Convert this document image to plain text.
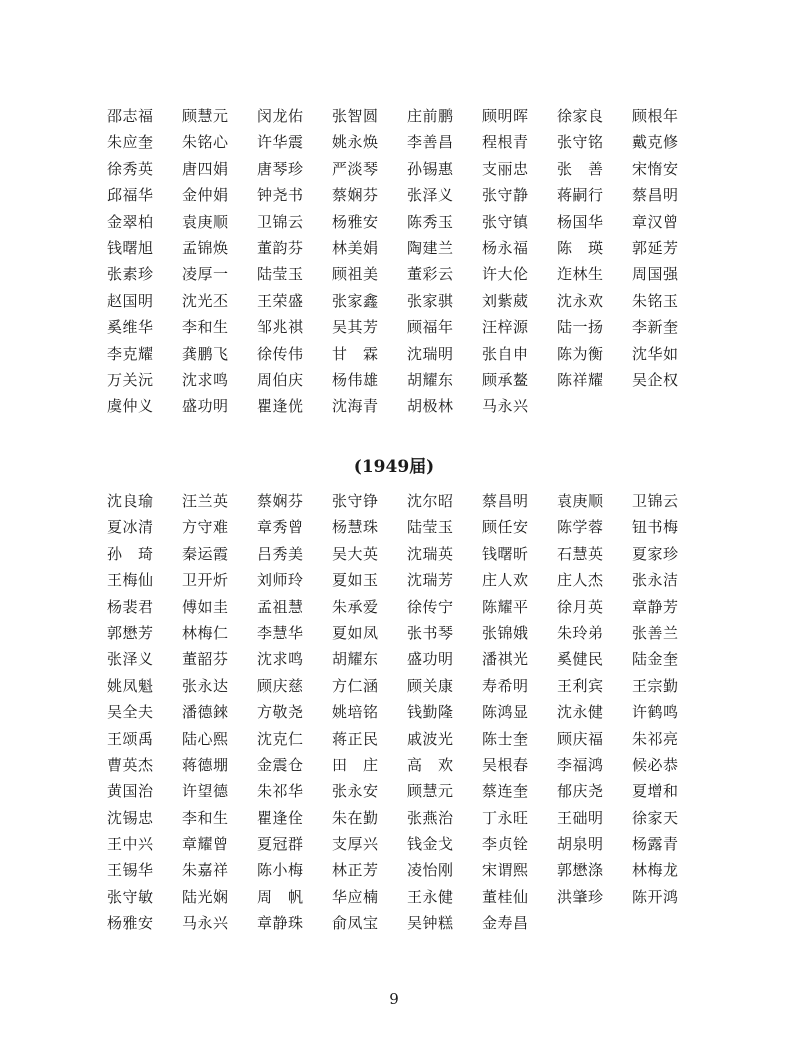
邵志福	顾慧元	闵龙佑	张智圆	庄前鹏	顾明晖	徐家良	顾根年
朱应奎	朱铭心	许华震	姚永焕	李善昌	程根青	张守铭	戴克修
徐秀英	唐四娟	唐琴珍	严淡琴	孙锡惠	支丽忠	张　善	宋惰安
邱福华	金仲娟	钟尧书	蔡娴芬	张泽义	张守静	蒋嗣行	蔡昌明
金翠柏	袁庚顺	卫锦云	杨雅安	陈秀玉	张守镇	杨国华	章汉曾
钱曙旭	孟锦焕	董韵芬	林美娟	陶建兰	杨永福	陈　瑛	郭延芳
张素珍	凌厚一	陆莹玉	顾祖美	董彩云	许大伦	迮林生	周国强
赵国明	沈光丕	王荣盛	张家鑫	张家骐	刘紫葳	沈永欢	朱铭玉
奚维华	李和生	邹兆祺	吴其芳	顾福年	汪梓源	陆一扬	李新奎
李克耀	龚鹏飞	徐传伟	甘　霖	沈瑞明	张自申	陈为衡	沈华如
万关沅	沈求鸣	周伯庆	杨伟雄	胡耀东	顾承鳌	陈祥耀	吴企权
虞仲义	盛功明	瞿逢侊	沈海青	胡极林	马永兴
(1949届)
沈良瑜	汪兰英	蔡娴芬	张守铮	沈尔昭	蔡昌明	袁庚顺	卫锦云
夏冰清	方守难	章秀曾	杨慧珠	陆莹玉	顾任安	陈学蓉	钮书梅
孙　琦	秦运霞	吕秀美	吴大英	沈瑞英	钱曙昕	石慧英	夏家珍
王梅仙	卫开炘	刘师玲	夏如玉	沈瑞芳	庄人欢	庄人杰	张永洁
杨裴君	傅如圭	孟祖慧	朱承爱	徐传宁	陈耀平	徐月英	章静芳
郭懋芳	林梅仁	李慧华	夏如凤	张书琴	张锦娥	朱玲弟	张善兰
张泽义	董韶芬	沈求鸣	胡耀东	盛功明	潘祺光	奚健民	陆金奎
姚凤魁	张永达	顾庆慈	方仁涵	顾关康	寿希明	王利宾	王宗勤
吴全夫	潘德錸	方敬尧	姚培铭	钱勤隆	陈鸿显	沈永健	许鹤鸣
王颂禹	陆心熙	沈克仁	蒋正民	戚波光	陈士奎	顾庆福	朱祁亮
曹英杰	蒋德堋	金震仓	田　庄	高　欢	吴根春	李福鸿	候必恭
黄国治	许望德	朱祁华	张永安	顾慧元	蔡连奎	郁庆尧	夏增和
沈锡忠	李和生	瞿逢佺	朱在勤	张燕治	丁永旺	王础明	徐家天
王中兴	章耀曾	夏冠群	支厚兴	钱金戈	李贞铨	胡泉明	杨露青
王锡华	朱嘉祥	陈小梅	林正芳	凌怡刚	宋谓熙	郭懋涤	林梅龙
张守敏	陆光娴	周　帆	华应楠	王永健	董桂仙	洪肇珍	陈开鸿
杨雅安	马永兴	章静珠	俞凤宝	吴钟糕	金寿昌
9
